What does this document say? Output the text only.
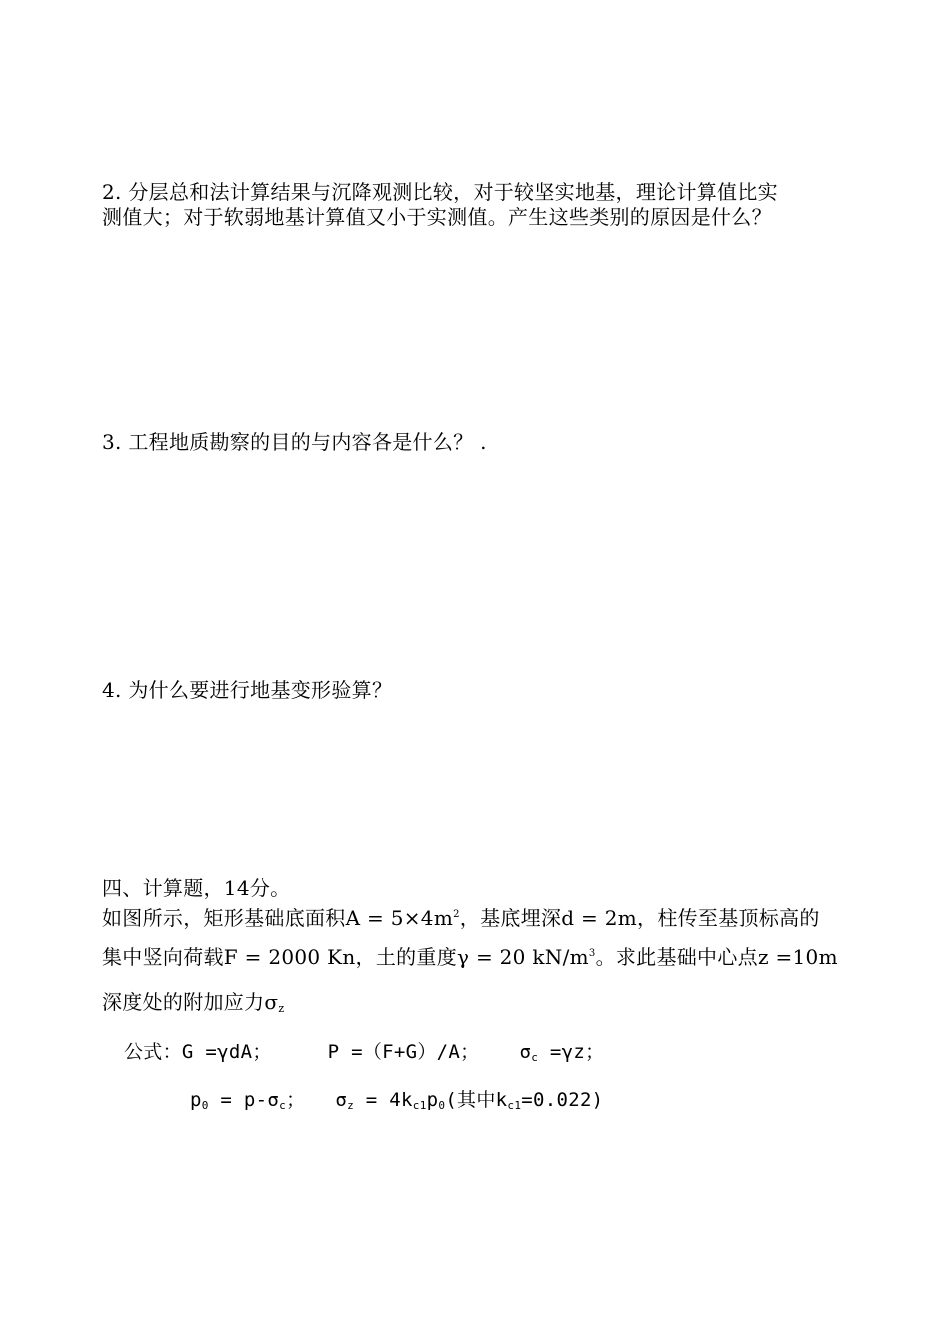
2. 分层总和法计算结果与沉降观测比较，对于较坚实地基，理论计算值比实
测值大；对于软弱地基计算值又小于实测值。产生这些类别的原因是什么？
3. 工程地质勘察的目的与内容各是什么？ .
4. 为什么要进行地基变形验算？
四、计算题，14分。
如图所示，矩形基础底面积$A = 5\times 4m^2$，基底埋深d = 2m，柱传至基顶标高的
集中竖向荷载F = 2000 Kn，土的重度γ = 20 $kN/m^3$。求此基础中心点z =10m
深度处的附加应力$\sigma_z$
公式：G =γdA；	P =（F+G）/A； $\sigma_c =\gamma z$；
$p_0 = p-\sigma_c$； $\sigma_z = 4k_{c1}p_0$(其中$k_{c1}=0.022$)
